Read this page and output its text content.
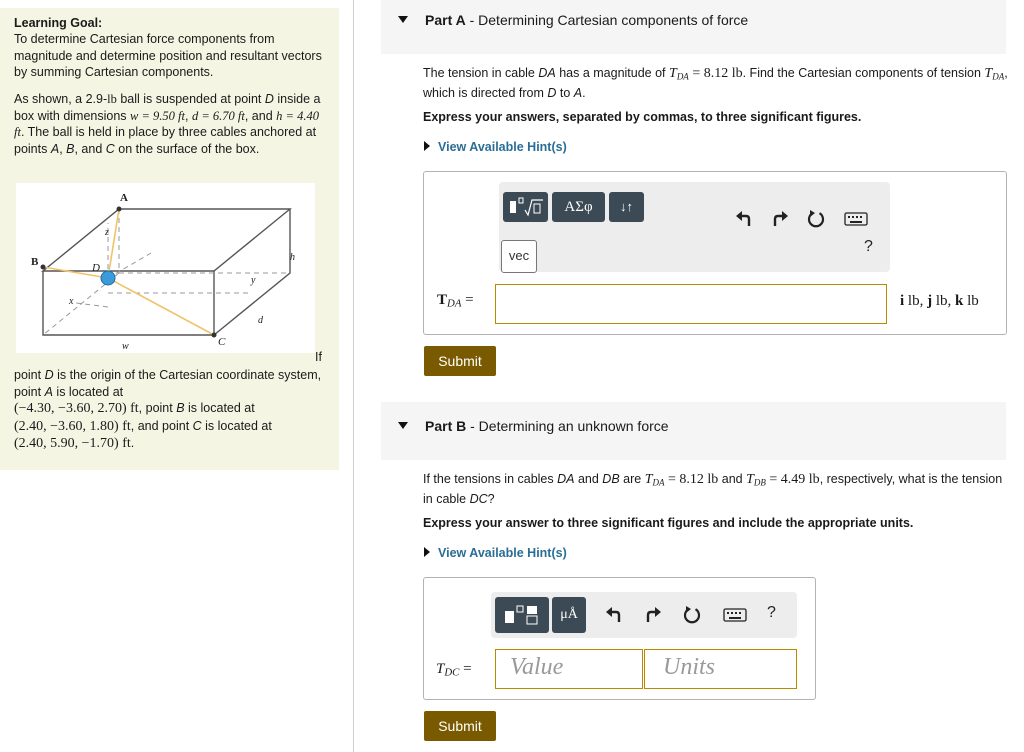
Learning Goal:
To determine Cartesian force components from magnitude and determine position and resultant vectors by summing Cartesian components.
As shown, a 2.9-lb ball is suspended at point D inside a box with dimensions w = 9.50 ft, d = 6.70 ft, and h = 4.40 ft. The ball is held in place by three cables anchored at points A, B, and C on the surface of the box.
A
B
C
D
h
d
w
x
y
z
If
point D is the origin of the Cartesian coordinate system, point A is located at
(−4.30, −3.60, 2.70) ft, point B is located at
(2.40, −3.60, 1.80) ft, and point C is located at
(2.40, 5.90, −1.70) ft.
Part A - Determining Cartesian components of force
The tension in cable DA has a magnitude of $T_{DA} = 8.12$ lb. Find the Cartesian components of tension $T_{DA}$, which is directed from D to A.
Express your answers, separated by commas, to three significant figures.
View Available Hint(s)
ΑΣφ	↓↑
vec
?
$T_{DA}$ =	i lb, j lb, k lb
Submit
Part B - Determining an unknown force
If the tensions in cables DA and DB are $T_{DA} = 8.12$ lb and $T_{DB} = 4.49$ lb, respectively, what is the tension in cable DC?
Express your answer to three significant figures and include the appropriate units.
View Available Hint(s)
μÅ	?
$T_{DC}$ = Value	Units
Submit
